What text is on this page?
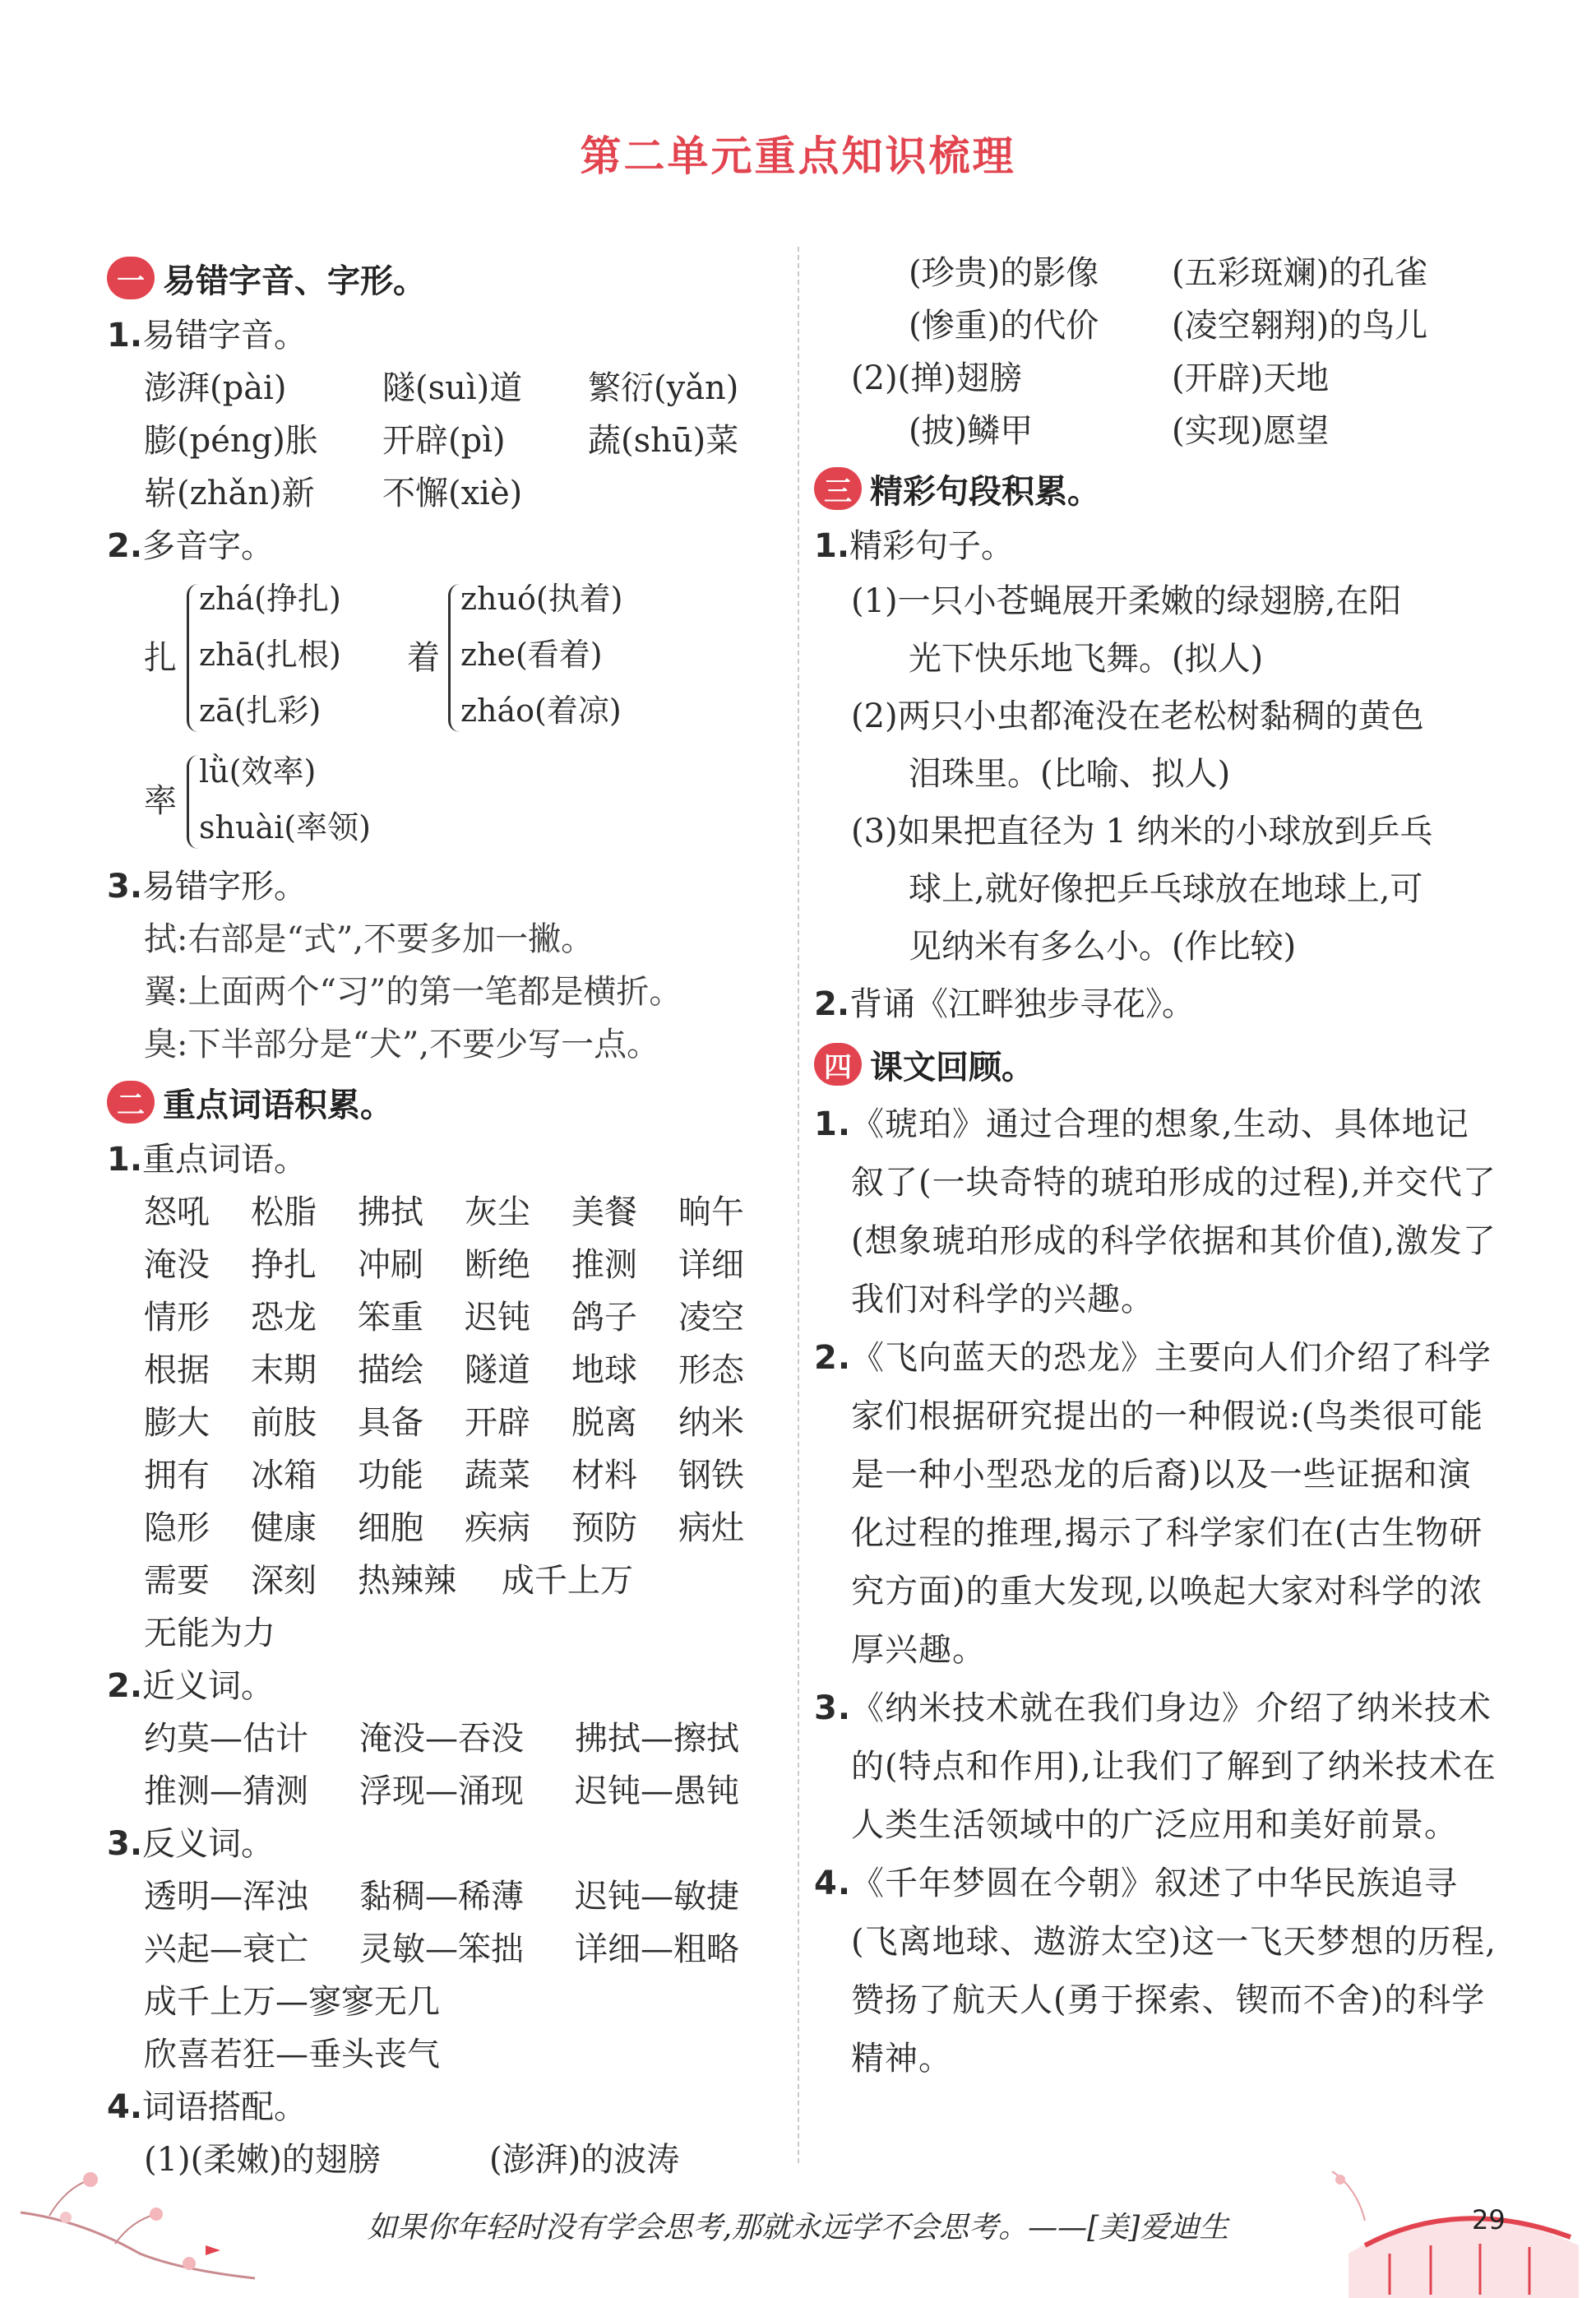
第二单元重点知识梳理
一 易错字音、字形。
1.易错字音。
澎湃(pài)	隧(suì)道	繁衍(yǎn)
膨(péng)胀	开辟(pì)	蔬(shū)菜
崭(zhǎn)新	不懈(xiè)
2.多音字。
扎
zhá(挣扎)
zhā(扎根)
zā(扎彩)
着
zhuó(执着)
zhe(看着)
zháo(着凉)
率
lǜ(效率)
shuài(率领)
3.易错字形。
拭:右部是“式”,不要多加一撇。
翼:上面两个“习”的第一笔都是横折。
臭:下半部分是“犬”,不要少写一点。
二 重点词语积累。
1.重点词语。
怒吼	松脂	拂拭	灰尘	美餐	晌午
淹没	挣扎	冲刷	断绝	推测	详细
情形	恐龙	笨重	迟钝	鸽子	凌空
根据	末期	描绘	隧道	地球	形态
膨大	前肢	具备	开辟	脱离	纳米
拥有	冰箱	功能	蔬菜	材料	钢铁
隐形	健康	细胞	疾病	预防	病灶
需要 深刻 热辣辣 成千上万
无能为力
2.近义词。
约莫—估计	淹没—吞没	拂拭—擦拭
推测—猜测	浮现—涌现	迟钝—愚钝
3.反义词。
透明—浑浊	黏稠—稀薄	迟钝—敏捷
兴起—衰亡	灵敏—笨拙	详细—粗略
成千上万—寥寥无几
欣喜若狂—垂头丧气
4.词语搭配。
(1)(柔嫩)的翅膀	(澎湃)的波涛
(珍贵)的影像 (五彩斑斓)的孔雀
(惨重)的代价 (凌空翱翔)的鸟儿
(2)(掸)翅膀	(开辟)天地
(披)鳞甲	(实现)愿望
三 精彩句段积累。
1.精彩句子。
(1)一只小苍蝇展开柔嫩的绿翅膀,在阳
光下快乐地飞舞。(拟人)
(2)两只小虫都淹没在老松树黏稠的黄色
泪珠里。(比喻、拟人)
(3)如果把直径为 1 纳米的小球放到乒乓
球上,就好像把乒乓球放在地球上,可
见纳米有多么小。(作比较)
2.背诵《江畔独步寻花》。
四 课文回顾。
1.《琥珀》通过合理的想象,生动、具体地记叙了(一块奇特的琥珀形成的过程),并交代了(想象琥珀形成的科学依据和其价值),激发了我们对科学的兴趣。
2.《飞向蓝天的恐龙》主要向人们介绍了科学家们根据研究提出的一种假说:(鸟类很可能是一种小型恐龙的后裔)以及一些证据和演化过程的推理,揭示了科学家们在(古生物研究方面)的重大发现,以唤起大家对科学的浓厚兴趣。
3.《纳米技术就在我们身边》介绍了纳米技术的(特点和作用),让我们了解到了纳米技术在人类生活领域中的广泛应用和美好前景。
4.《千年梦圆在今朝》叙述了中华民族追寻(飞离地球、遨游太空)这一飞天梦想的历程,赞扬了航天人(勇于探索、锲而不舍)的科学精神。
如果你年轻时没有学会思考,那就永远学不会思考。——[美]爱迪生	29
